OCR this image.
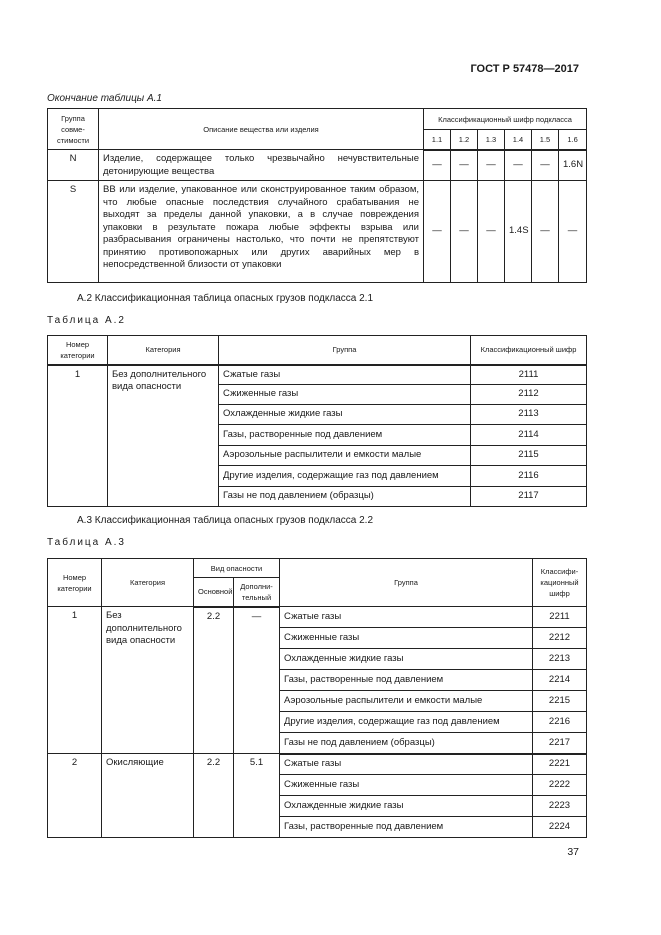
ГОСТ Р 57478—2017
Окончание таблицы А.1
Группа совме-стимости	Описание вещества или изделия	Классификационный шифр подкласса					
		1.1	1.2	1.3	1.4	1.5	1.6
N	Изделие, содержащее только чрезвычайно нечувствительные детонирующие вещества	—	—	—	—	—	1.6N
S	ВВ или изделие, упакованное или сконструированное таким образом, что любые опасные последствия случайного срабатывания не выходят за пределы данной упаковки, а в случае повреждения упаковки в результате пожара любые эффекты взрыва или разбрасывания ограничены настолько, что почти не препятствуют принятию противопожарных или других аварийных мер в непосредственной близости от упаковки	—	—	—	1.4S	—	—
А.2 Классификационная таблица опасных грузов подкласса 2.1
Таблица А.2
Номер категории	Категория	Группа	Классификационный шифр
1	Без дополнительного вида опасности	Сжатые газы	2111
		Сжиженные газы	2112
		Охлажденные жидкие газы	2113
		Газы, растворенные под давлением	2114
		Аэрозольные распылители и емкости малые	2115
		Другие изделия, содержащие газ под давлением	2116
		Газы не под давлением (образцы)	2117
А.3 Классификационная таблица опасных грузов подкласса 2.2
Таблица А.3
Номер категории	Категория	Вид опасности		Группа	Классифи-кационный шифр
		Основной	Дополни-тельный		
1	Без дополнительного вида опасности	2.2	—	Сжатые газы	2211
				Сжиженные газы	2212
				Охлажденные жидкие газы	2213
				Газы, растворенные под давлением	2214
				Аэрозольные распылители и емкости малые	2215
				Другие изделия, содержащие газ под давлением	2216
				Газы не под давлением (образцы)	2217
2	Окисляющие	2.2	5.1	Сжатые газы	2221
				Сжиженные газы	2222
				Охлажденные жидкие газы	2223
				Газы, растворенные под давлением	2224
37
